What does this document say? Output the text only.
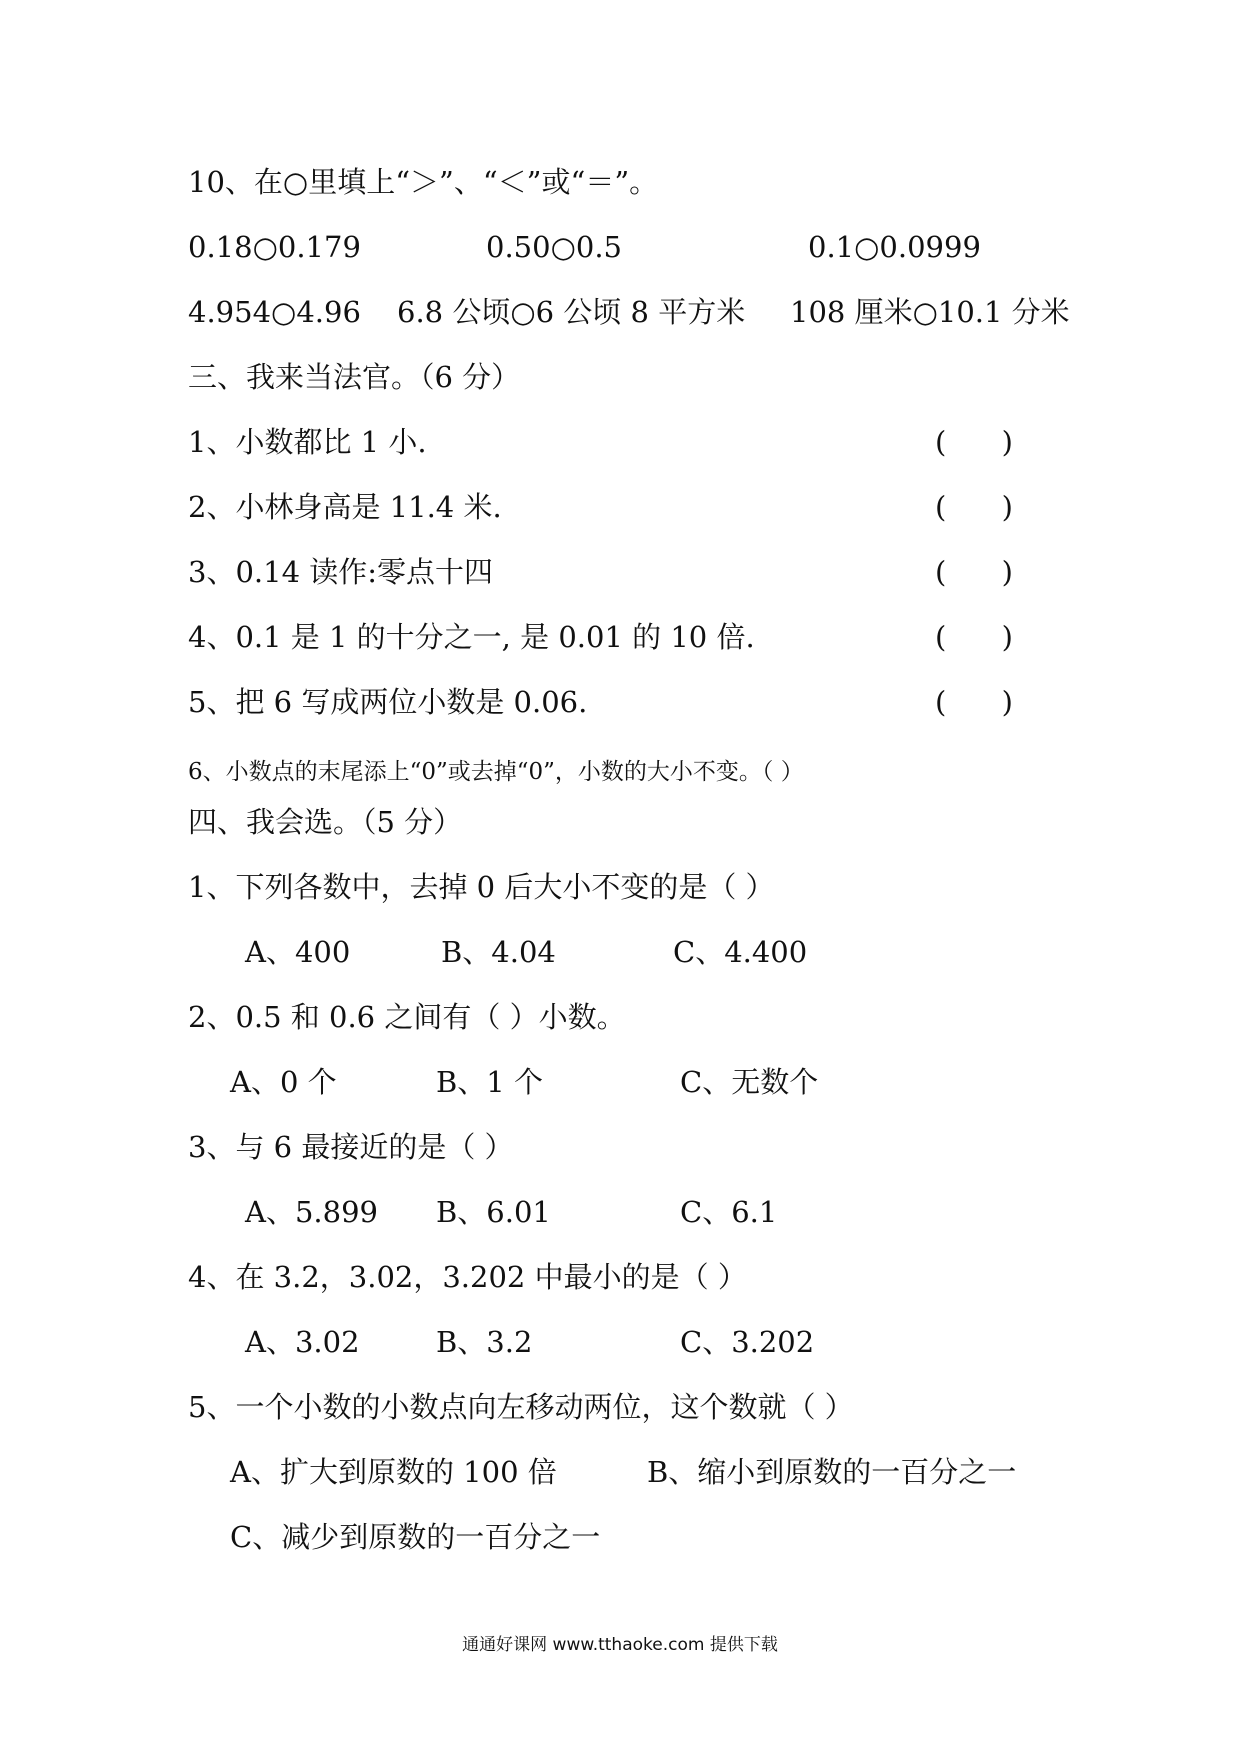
10、在○里填上“＞”、“＜”或“＝”。
0.18○0.179	0.50○0.5	0.1○0.0999
4.954○4.96 6.8 公顷○6 公顷 8 平方米 108 厘米○10.1 分米
三、我来当法官。（6 分）
1、小数都比 1 小.	(      )
2、小林身高是 11.4 米.	(      )
3、0.14 读作:零点十四	(      )
4、0.1 是 1 的十分之一, 是 0.01 的 10 倍.	(      )
5、把 6 写成两位小数是 0.06.	(      )
6、小数点的末尾添上“0”或去掉“0”，小数的大小不变。（ ）
四、我会选。（5 分）
1、下列各数中，去掉 0 后大小不变的是（ ）
A、400	B、4.04	C、4.400
2、0.5 和 0.6 之间有（ ）小数。
A、0 个	B、1 个	C、无数个
3、与 6 最接近的是（ ）
A、5.899 B、6.01	C、6.1
4、在 3.2，3.02，3.202 中最小的是（ ）
A、3.02	B、3.2	C、3.202
5、一个小数的小数点向左移动两位，这个数就（ ）
A、扩大到原数的 100 倍	B、缩小到原数的一百分之一
C、减少到原数的一百分之一
通通好课网 www.tthaoke.com 提供下载
